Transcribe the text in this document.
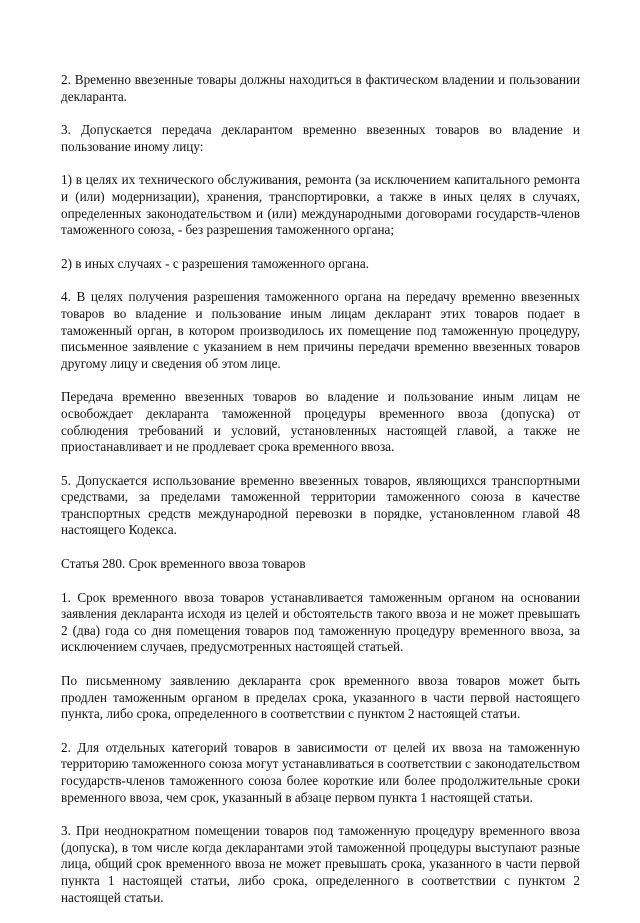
2. Временно ввезенные товары должны находиться в фактическом владении и пользовании декларанта.

3. Допускается передача декларантом временно ввезенных товаров во владение и пользование иному лицу:

1) в целях их технического обслуживания, ремонта (за исключением капитального ремонта и (или) модернизации), хранения, транспортировки, а также в иных целях в случаях, определенных законодательством и (или) международными договорами государств-членов таможенного союза, - без разрешения таможенного органа;

2) в иных случаях - с разрешения таможенного органа.

4. В целях получения разрешения таможенного органа на передачу временно ввезенных товаров во владение и пользование иным лицам декларант этих товаров подает в таможенный орган, в котором производилось их помещение под таможенную процедуру, письменное заявление с указанием в нем причины передачи временно ввезенных товаров другому лицу и сведения об этом лице.

Передача временно ввезенных товаров во владение и пользование иным лицам не освобождает декларанта таможенной процедуры временного ввоза (допуска) от соблюдения требований и условий, установленных настоящей главой, а также не приостанавливает и не продлевает срока временного ввоза.

5. Допускается использование временно ввезенных товаров, являющихся транспортными средствами, за пределами таможенной территории таможенного союза в качестве транспортных средств международной перевозки в порядке, установленном главой 48 настоящего Кодекса.

Статья 280. Срок временного ввоза товаров

1. Срок временного ввоза товаров устанавливается таможенным органом на основании заявления декларанта исходя из целей и обстоятельств такого ввоза и не может превышать 2 (два) года со дня помещения товаров под таможенную процедуру временного ввоза, за исключением случаев, предусмотренных настоящей статьей.

По письменному заявлению декларанта срок временного ввоза товаров может быть продлен таможенным органом в пределах срока, указанного в части первой настоящего пункта, либо срока, определенного в соответствии с пунктом 2 настоящей статьи.

2. Для отдельных категорий товаров в зависимости от целей их ввоза на таможенную территорию таможенного союза могут устанавливаться в соответствии с законодательством государств-членов таможенного союза более короткие или более продолжительные сроки временного ввоза, чем срок, указанный в абзаце первом пункта 1 настоящей статьи.

3. При неоднократном помещении товаров под таможенную процедуру временного ввоза (допуска), в том числе когда декларантами этой таможенной процедуры выступают разные лица, общий срок временного ввоза не может превышать срока, указанного в части первой пункта 1 настоящей статьи, либо срока, определенного в соответствии с пунктом 2 настоящей статьи.
